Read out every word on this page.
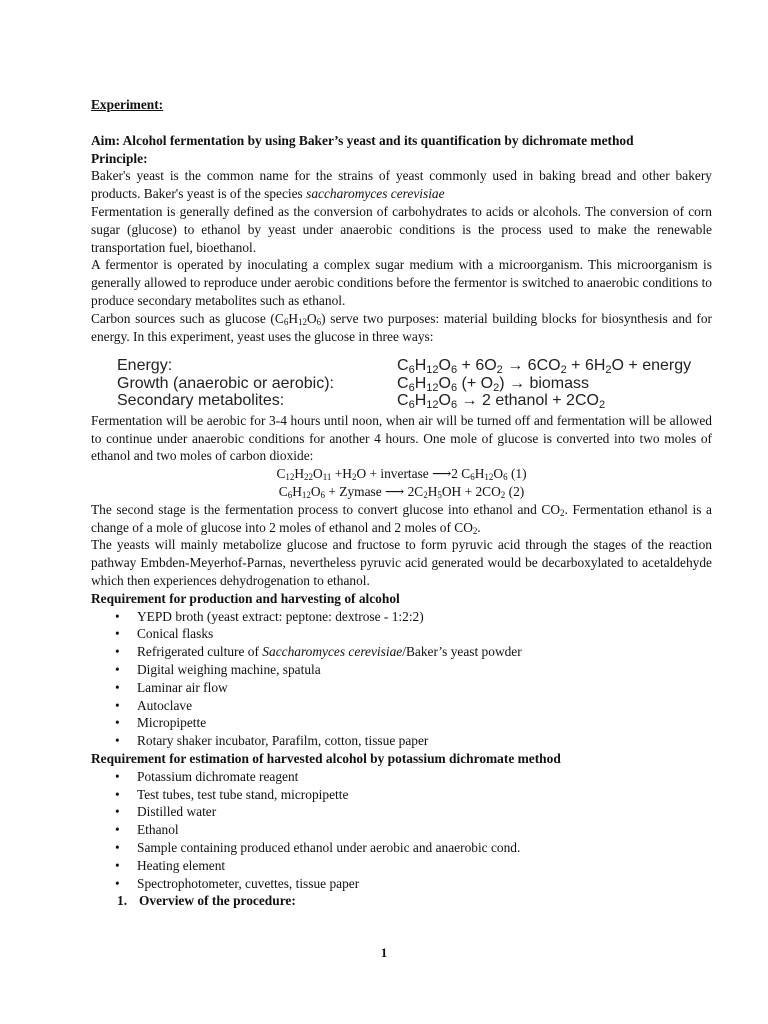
Experiment:

Aim: Alcohol fermentation by using Baker’s yeast and its quantification by dichromate method

Principle:

Baker's yeast is the common name for the strains of yeast commonly used in baking bread and other bakery products. Baker's yeast is of the species saccharomyces cerevisiae

Fermentation is generally defined as the conversion of carbohydrates to acids or alcohols. The conversion of corn sugar (glucose) to ethanol by yeast under anaerobic conditions is the process used to make the renewable transportation fuel, bioethanol.

A fermentor is operated by inoculating a complex sugar medium with a microorganism. This microorganism is generally allowed to reproduce under aerobic conditions before the fermentor is switched to anaerobic conditions to produce secondary metabolites such as ethanol.

Carbon sources such as glucose $(C_6H_{12}O_6)$ serve two purposes: material building blocks for biosynthesis and for energy. In this experiment, yeast uses the glucose in three ways:

Energy:	$C_6H_{12}O_6 + 6O_2 \to 6CO_2 + 6H_2O$ + energy
Growth (anaerobic or aerobic):	$C_6H_{12}O_6$ (+ $O_2$) → biomass
Secondary metabolites:	$C_6H_{12}O_6 \to 2$ ethanol + $2CO_2$

Fermentation will be aerobic for 3-4 hours until noon, when air will be turned off and fermentation will be allowed to continue under anaerobic conditions for another 4 hours. One mole of glucose is converted into two moles of ethanol and two moles of carbon dioxide:

$C_{12}H_{22}O_{11} +H_2O$ + invertase ⟶2 $C_6H_{12}O_6$ (1)

$C_6H_{12}O_6$ + Zymase ⟶ $2C_2H_5OH + 2CO_2$ (2)

The second stage is the fermentation process to convert glucose into ethanol and $CO_2$. Fermentation ethanol is a change of a mole of glucose into 2 moles of ethanol and 2 moles of $CO_2$.

The yeasts will mainly metabolize glucose and fructose to form pyruvic acid through the stages of the reaction pathway Embden-Meyerhof-Parnas, nevertheless pyruvic acid generated would be decarboxylated to acetaldehyde which then experiences dehydrogenation to ethanol.

Requirement for production and harvesting of alcohol

• YEPD broth (yeast extract: peptone: dextrose - 1:2:2)
• Conical flasks
• Refrigerated culture of Saccharomyces cerevisiae/Baker’s yeast powder
• Digital weighing machine, spatula
• Laminar air flow
• Autoclave
• Micropipette
• Rotary shaker incubator, Parafilm, cotton, tissue paper

Requirement for estimation of harvested alcohol by potassium dichromate method

• Potassium dichromate reagent
• Test tubes, test tube stand, micropipette
• Distilled water
• Ethanol
• Sample containing produced ethanol under aerobic and anaerobic cond.
• Heating element
• Spectrophotometer, cuvettes, tissue paper
1. Overview of the procedure:
1
